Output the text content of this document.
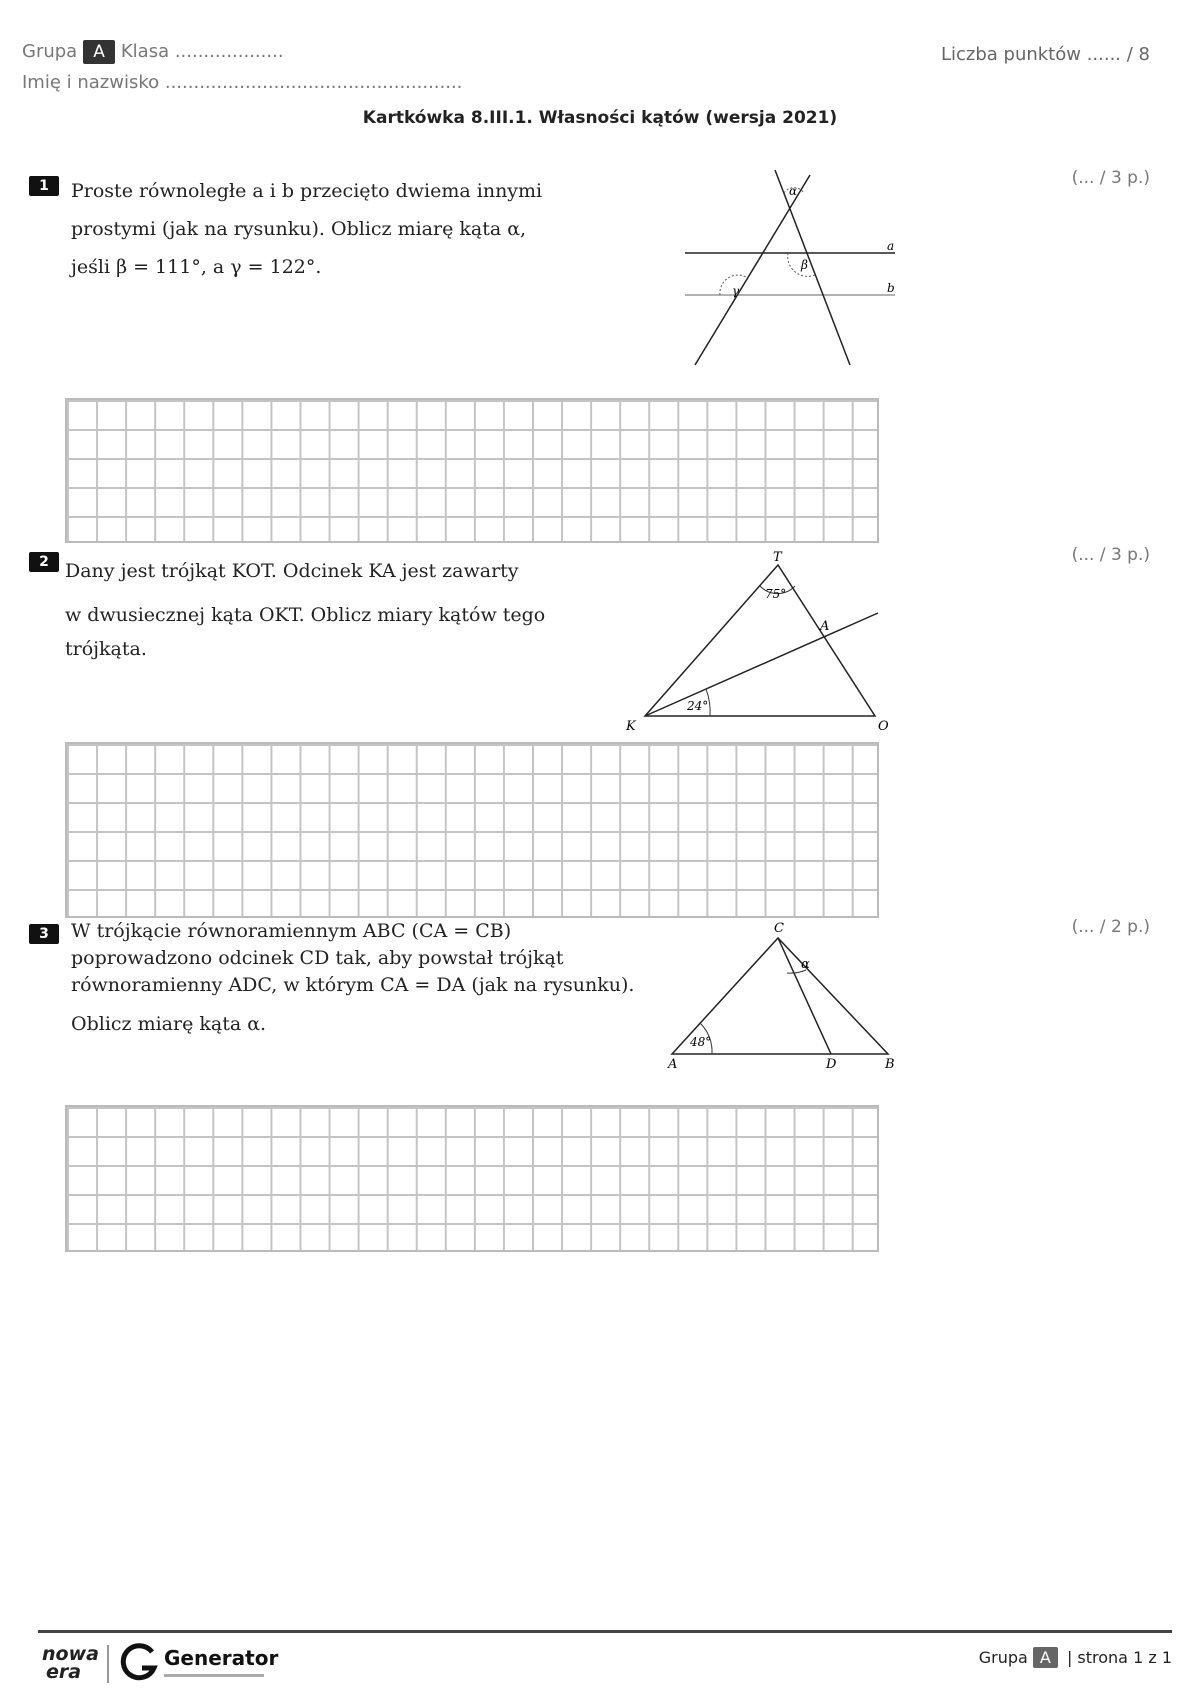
Grupa A Klasa ...................
Imię i nazwisko ....................................................
Liczba punktów ...... / 8
Kartkówka 8.III.1. Własności kątów (wersja 2021)
1	Proste równoległe a i b przecięto dwiema innymi

prostymi (jak na rysunku). Oblicz miarę kąta α,

jeśli β = 111°, a γ = 122°.

(... / 3 p.)
α
β
γ
a
b
2 Dany jest trójkąt KOT. Odcinek KA jest zawarty

w dwusiecznej kąta OKT. Oblicz miary kątów tego

trójkąta.

(... / 3 p.)
T
K	O
A
75°
24°
3	W trójkącie równoramiennym ABC (CA = CB)

poprowadzono odcinek CD tak, aby powstał trójkąt

równoramienny ADC, w którym CA = DA (jak na rysunku).

Oblicz miarę kąta α.

(... / 2 p.)
C
A	D	B
48°
α
nowa
era
Generator	Grupa A | strona 1 z 1
